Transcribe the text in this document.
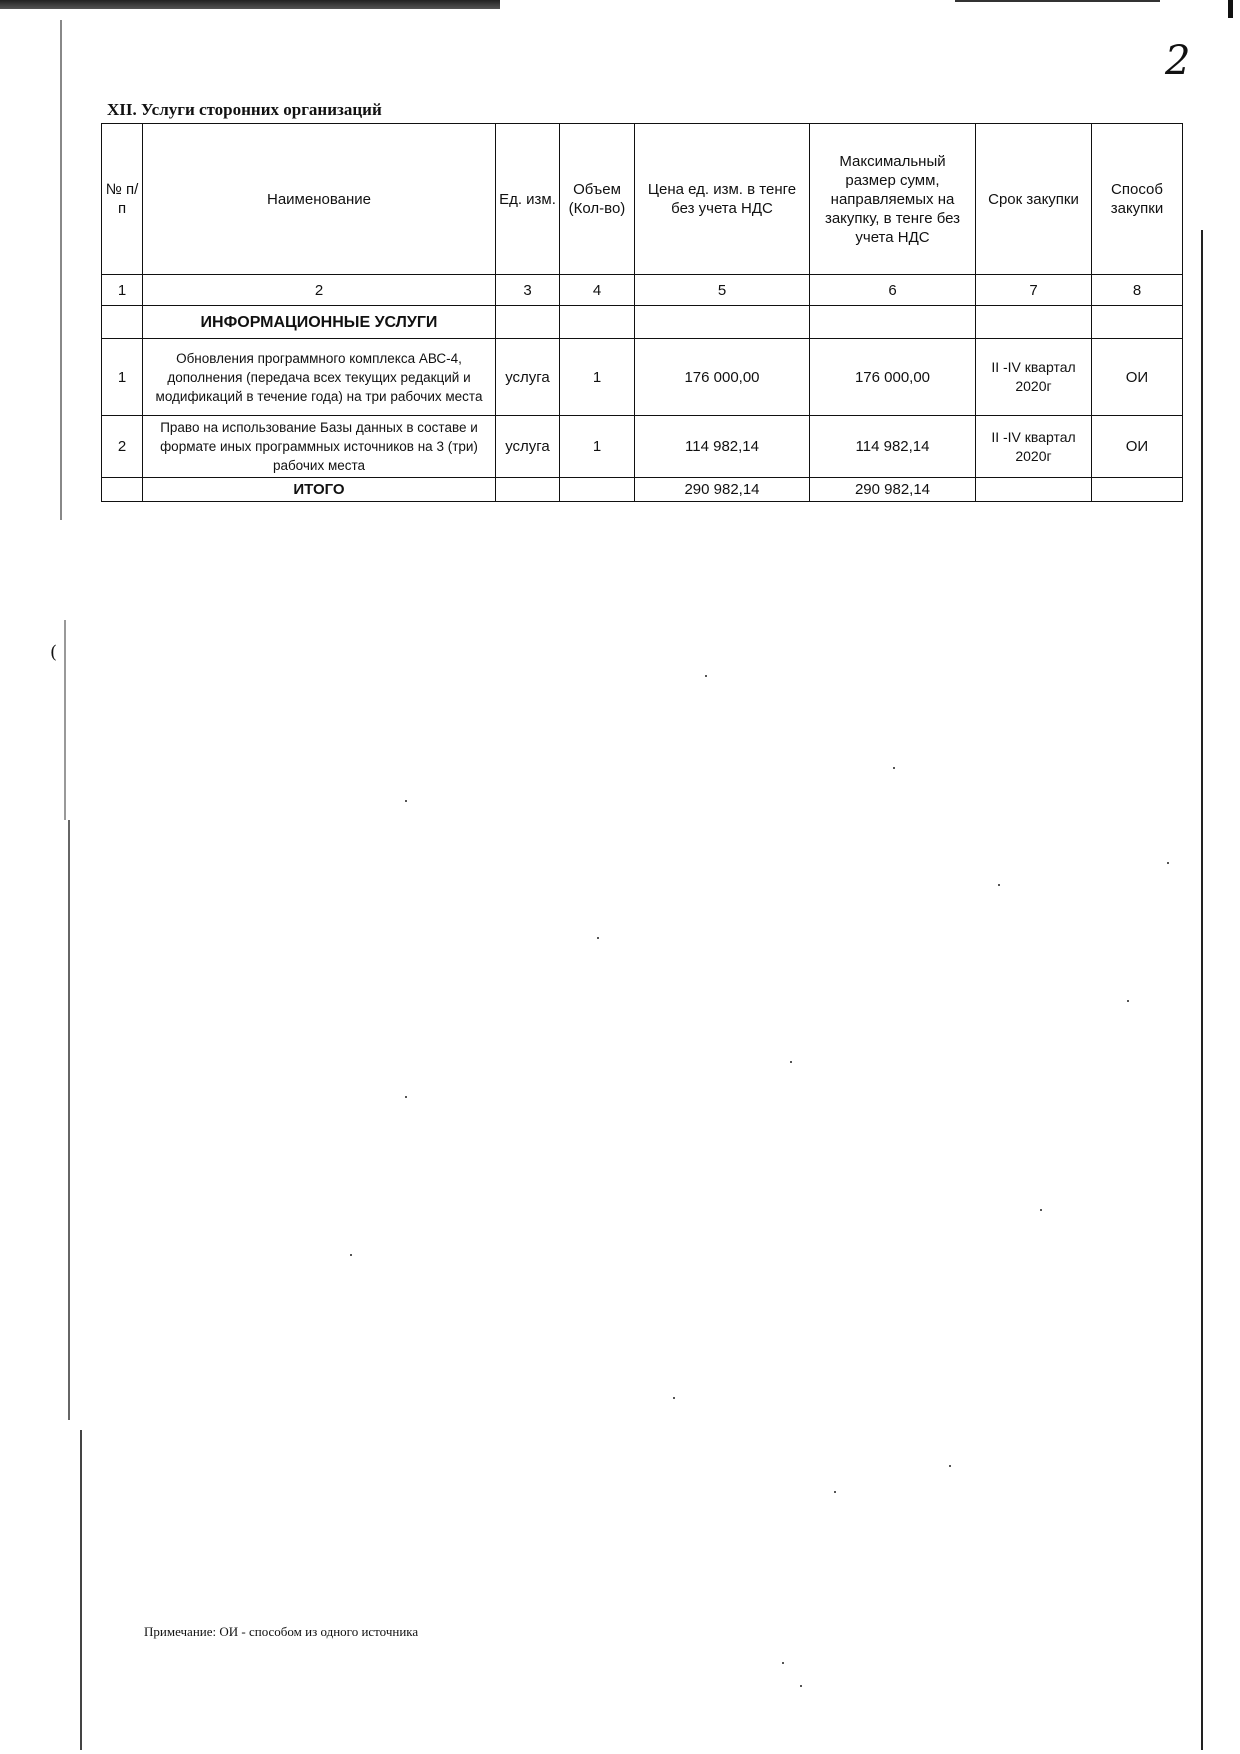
(
2
XII. Услуги сторонних организаций
№ п/п	Наименование	Ед. изм.	Объем (Кол-во)	Цена ед. изм. в тенге без учета НДС	Максимальный размер сумм, направляемых на закупку, в тенге без учета НДС	Срок закупки	Способ закупки
1	2	3	4	5	6	7	8
	ИНФОРМАЦИОННЫЕ УСЛУГИ						
1	Обновления программного комплекса АВС-4, дополнения (передача всех текущих редакций и модификаций в течение года) на три рабочих места	услуга	1	176 000,00	176 000,00	II -IV квартал 2020г	ОИ
2	Право на использование Базы данных в составе и формате иных программных источников на 3 (три) рабочих места	услуга	1	114 982,14	114 982,14	II -IV квартал 2020г	ОИ
	ИТОГО			290 982,14	290 982,14		
Примечание: ОИ - способом из одного источника
